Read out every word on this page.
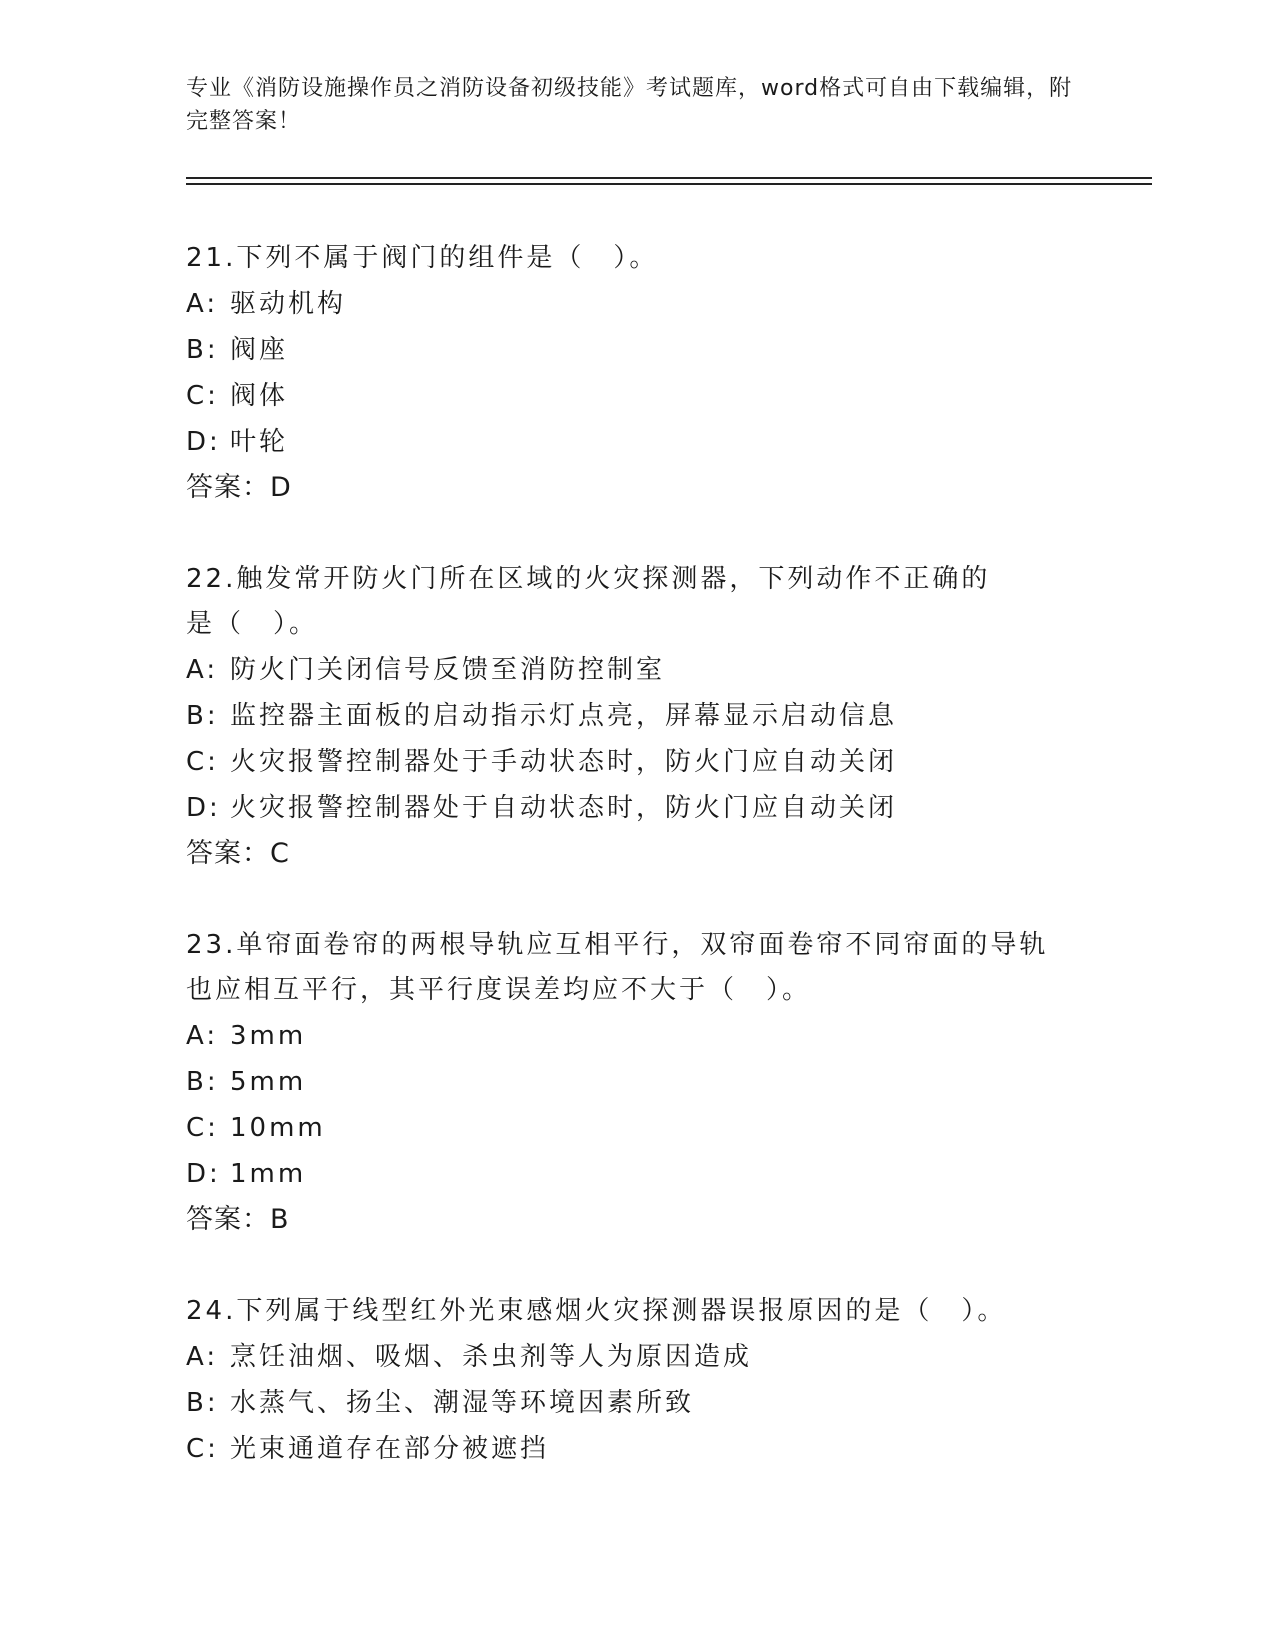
专业《消防设施操作员之消防设备初级技能》考试题库，word格式可自由下载编辑，附完整答案！
21.下列不属于阀门的组件是（　）。
A: 驱动机构
B: 阀座
C: 阀体
D: 叶轮
答案：D
22.触发常开防火门所在区域的火灾探测器，下列动作不正确的是（　）。
A: 防火门关闭信号反馈至消防控制室
B: 监控器主面板的启动指示灯点亮，屏幕显示启动信息
C: 火灾报警控制器处于手动状态时，防火门应自动关闭
D: 火灾报警控制器处于自动状态时，防火门应自动关闭
答案：C
23.单帘面卷帘的两根导轨应互相平行，双帘面卷帘不同帘面的导轨也应相互平行，其平行度误差均应不大于（　）。
A: 3mm
B: 5mm
C: 10mm
D: 1mm
答案：B
24.下列属于线型红外光束感烟火灾探测器误报原因的是（　）。
A: 烹饪油烟、吸烟、杀虫剂等人为原因造成
B: 水蒸气、扬尘、潮湿等环境因素所致
C: 光束通道存在部分被遮挡
